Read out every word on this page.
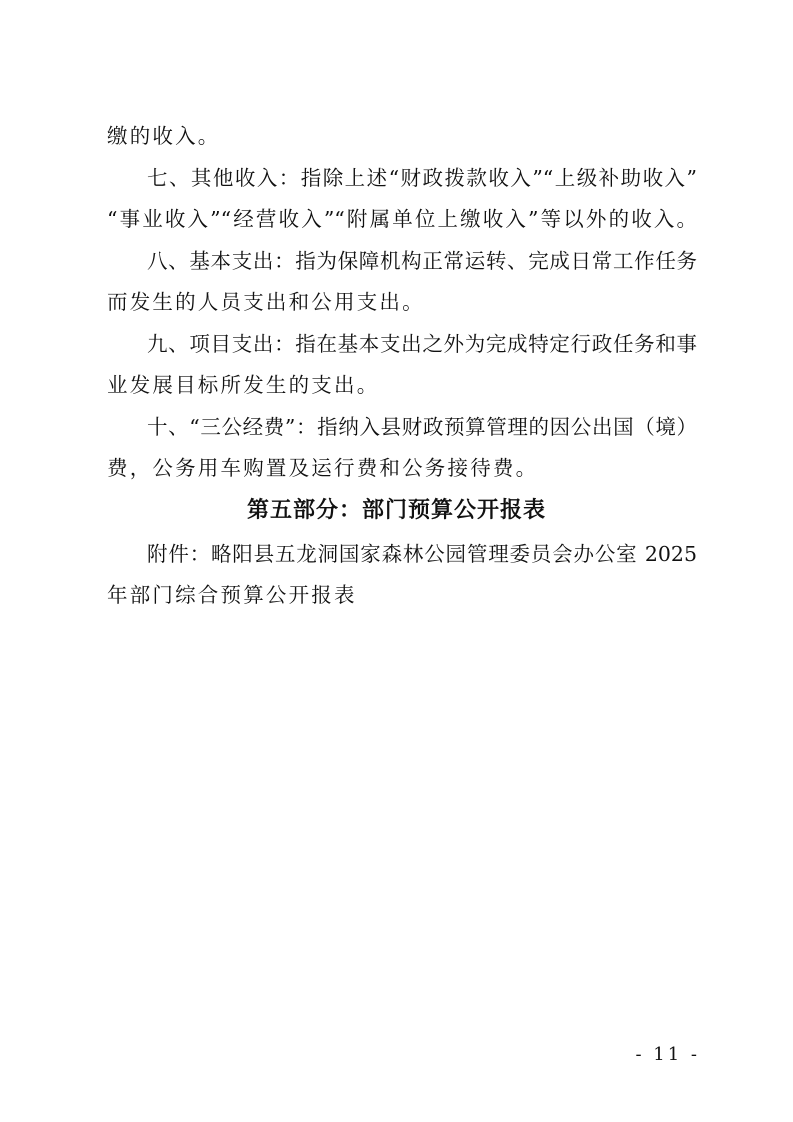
缴的收入。
七、其他收入：指除上述“财政拨款收入”“上级补助收入”
“事业收入”“经营收入”“附属单位上缴收入”等以外的收入。
八、基本支出：指为保障机构正常运转、完成日常工作任务
而发生的人员支出和公用支出。
九、项目支出：指在基本支出之外为完成特定行政任务和事
业发展目标所发生的支出。
十、“三公经费”：指纳入县财政预算管理的因公出国（境）
费，公务用车购置及运行费和公务接待费。
第五部分：部门预算公开报表
附件：略阳县五龙洞国家森林公园管理委员会办公室 2025
年部门综合预算公开报表
- 11 -
